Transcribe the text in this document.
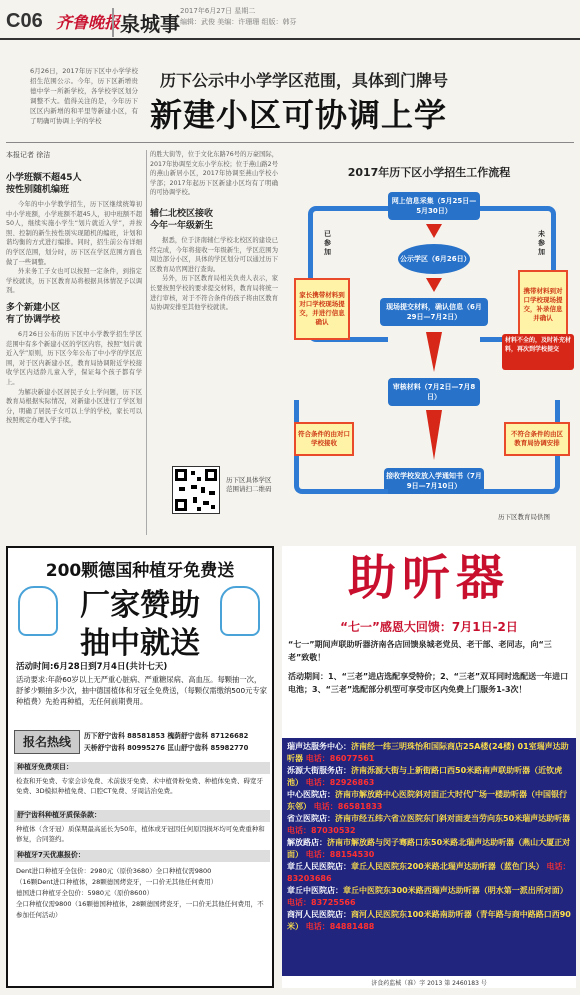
C06 齐鲁晚报 泉城事
2017年6月27日 星期二
编辑：武俊 美编：许珊珊 组版：韩芬
6月26日，2017年历下区中小学学校招生范围公示。今年，历下区新增贵德中学一所新学校，各学校学区划分调整不大。值得关注的是，今年历下区区内新增的和平里等新建小区，有了明确可协调上学的学校
历下公示中小学学区范围，具体到门牌号
新建小区可协调上学
本报记者 徐洁
小学班额不超45人
按性别随机编班
今年的中小学教学招生，历下区继续统筹初中小学班额，小学班额不超45人，初中班额不超50人，继续实施小学生“划片就近入学”，并按照、控制的新生按性别实现随机的编班，计划和谐均衡的方式进行编排。同时，招生前公布详细的学区范围，划分时，历下区在学区范围方面也做了一些调整。
外来务工子女也可以按照一定条件，到指定学校就读，历下区教育局将根据具体情况予以调剂。
多个新建小区
有了协调学校
6月26日公布的历下区中小学教学招生学区范围中有多个新建小区的学区内容，按照“划片就近入学”原则，历下区今年公布了中小学的学区范围，对于区内新建小区，教育局协调附近学校接收学区内适龄儿童入学，保证每个孩子都有学上。
为解决新建小区居民子女上学问题，历下区教育局根据实际情况，对新建小区进行了学区划分，明确了居民子女可以上学的学校，家长可以按照规定办理入学手续。
的胜大街等，位于文化东路76号的万豪国际，2017年协调至文东小学东校；位于燕山路2号的燕山新居小区，2017年协调至燕山学校小学部；2017年起历下区新建小区均有了明确的可协调学校。
辅仁北校区接收
今年一年级新生
据悉，位于济南辅仁学校北校区的建设已经完成，今年将接收一年级新生，学区范围为周边部分小区，具体的学区划分可以通过历下区教育局官网进行查询。
另外，历下区教育局相关负责人表示，家长要按照学校的要求提交材料，教育局将统一进行审核，对于不符合条件的孩子将由区教育局协调安排至其他学校就读。
历下区具体学区范围请扫二维码
2017年历下区小学招生工作流程
网上信息采集（5月25日—5月30日）
公示学区（6月26日）
现场提交材料，确认信息（6月29日—7月2日）
审核材料（7月2日—7月8日）
接收学校发放入学通知书（7月9日—7月10日）
已参加
未参加
家长携带材料到对口学校现场提交，并进行信息确认
携带材料到对口学校现场提交，补录信息并确认
材料不全的，及时补充材料，再次到学校提交
符合条件的由对口学校接收
不符合条件的由区教育局协调安排
历下区教育局供图
200颗德国种植牙免费送
厂家赞助
抽中就送
活动时间:6月28日到7月4日(共计七天)
活动要求:年龄60岁以上无严重心脏病、严重糖尿病、高血压。每颗抽一次，舒爹少颗抽多少次，抽中德国植体和牙冠全免费送，（每颗仅需缴纳500元专家种植费）先抢再种植，无任何前期费用。
报名热线	历下舒宁齿科 88581853 槐荫舒宁齿科 87126682
天桥舒宁齿科 80995276 匡山舒宁齿科 85982770
种植牙免费项目：
检查和开免费、专家会诊免费、术前拔牙免费、术中植骨粉免费、种植体免费、碍宽牙免费、3D模拟种植免费、口腔CT免费、牙周洁治免费。
舒宁齿科种植牙质保条款：
种植体（含牙冠）质保期最高延长为50年，植体或牙冠因任何原因损坏均可免费重种和修复，合同签约。
种植牙7天优惠报价：
Dent进口种植牙全包价：2980元（原价3680）全口种植仅需9800
（16颗Dent进口种植体，28颗德国烤瓷牙，一口价无其他任何费用）
德国进口种植牙全包价：5980元（原价8600）
全口种植仅需9800（16颗德国种植体，28颗德国烤瓷牙，一口价无其他任何费用，不参加任何活动）
助听器
“七一”感恩大回馈：7月1日-2日
“七一”期间声联助听器济南各店回馈泉城老党员、老干部、老同志，向“三老”致敬！
活动期间：1、“三老”进店选配享受特价；2、“三老”双耳同时选配送一年进口电池；3、“三老”选配部分机型可享受市区内免费上门服务1-3次！
瑞声达服务中心：济南经一纬三明珠怡和国际商店25A楼(24楼) 01室瑞声达助听器 电话：86077561
泺源大街服务店：济南泺源大街与上新街路口西50米路南声联助听器（近钦虎池） 电话：82926863
中心医院店：济南市解放路中心医院斜对面正大时代广场一楼助听器（中国银行东邻） 电话：86581833
省立医院店：济南市经五纬六省立医院东门斜对面麦当劳向东50米瑞声达助听器 电话：87030532
解放路店：济南市解放路与闵子骞路口东50米路北瑞声达助听器（燕山大厦正对面） 电话：88154530
章丘人民医院店：章丘人民医院东200米路北瑞声达助听器（蓝色门头） 电话：83203686
章丘中医院店：章丘中医院东300米路西瑞声达助听器（明水第一派出所对面） 电话：83725566
商河人民医院店：商河人民医院东100米路南助听器（青年路与商中路路口西90米） 电话：84881488
济食药监械（准）字 2013 第 2460183 号
